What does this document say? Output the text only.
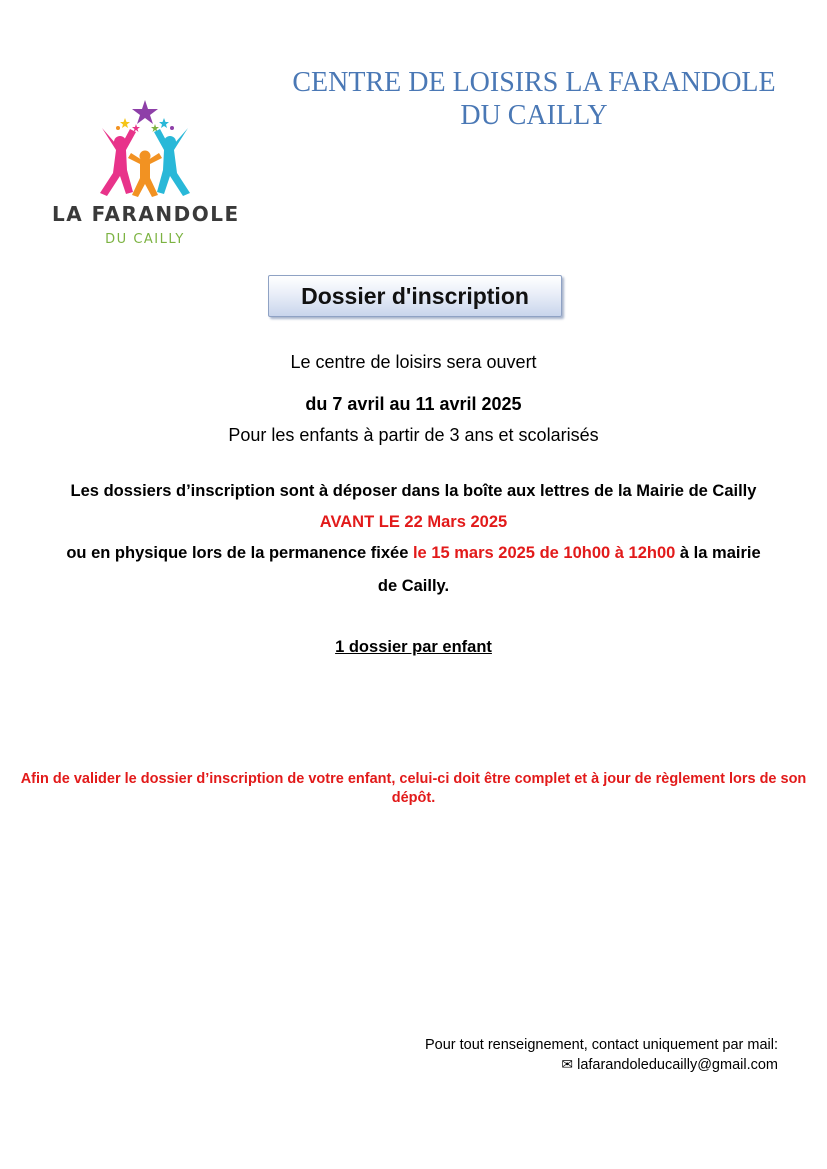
LA FARANDOLE
DU CAILLY
CENTRE DE LOISIRS LA FARANDOLE
DU CAILLY
Dossier d'inscription
Le centre de loisirs sera ouvert
du 7 avril au 11 avril 2025
Pour les enfants à partir de 3 ans et scolarisés
Les dossiers d’inscription sont à déposer dans la boîte aux lettres de la Mairie de Cailly
AVANT LE 22 Mars 2025
ou en physique lors de la permanence fixée le 15 mars 2025 de 10h00 à 12h00 à la mairie
de Cailly.
1 dossier par enfant
Afin de valider le dossier d’inscription de votre enfant, celui-ci doit être complet et à jour de règlement lors de son dépôt.
Pour tout renseignement, contact uniquement par mail:
✉ lafarandoleducailly@gmail.com
